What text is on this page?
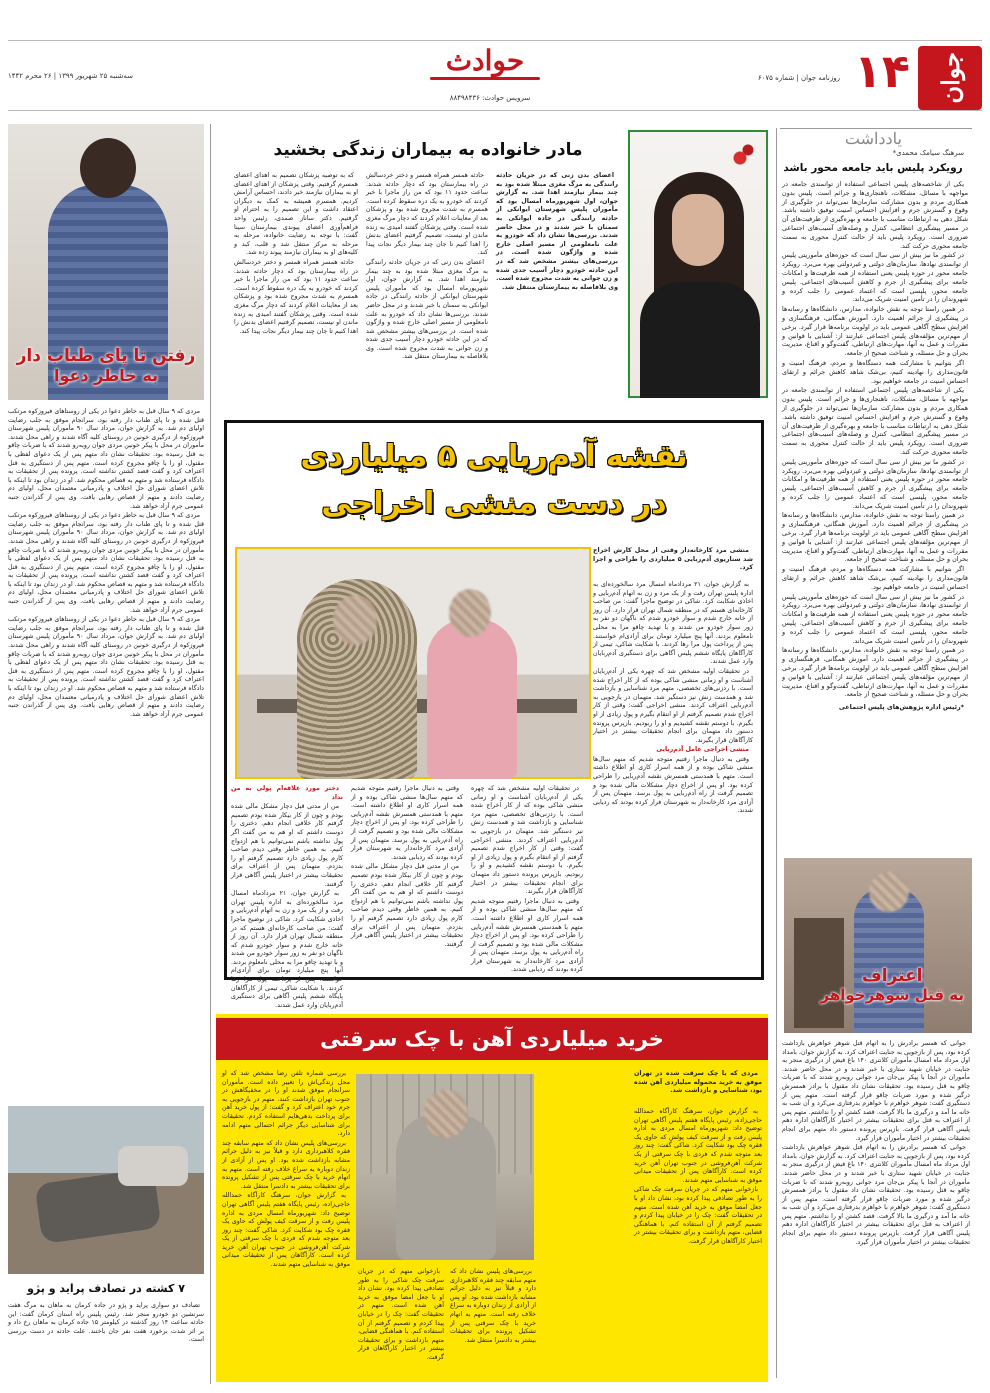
جوان
۱۴
روزنامه جوان | شماره ۶۰۷۵
حوادث
سرویس حوادث: ۸۸۴۹۸۴۳۶
سه‌شنبه ۲۵ شهریور ۱۳۹۹ | ۲۶ محرم ۱۴۴۲
یادداشت
سرهنگ سیامک محمدی*
رویکرد پلیس باید جامعه محور باشد

یکی از شاخصه‌های پلیس اجتماعی استفاده از توانمندی جامعه در مواجهه با مسائل، مشکلات، ناهنجاری‌ها و جرائم است. پلیس بدون همکاری مردم و بدون مشارکت سازمان‌ها نمی‌تواند در جلوگیری از وقوع و گسترش جرم و افزایش احساس امنیت توفیق داشته باشد. شکل دهی به ارتباطات مناسب با جامعه و بهره‌گیری از ظرفیت‌های آن در مسیر پیشگیری انتظامی، کنترل و وصله‌های آسیب‌های اجتماعی ضروری است. رویکرد پلیس باید از حالت کنترل محوری به سمت جامعه محوری حرکت کند.

در کشور ما نیز بیش از سی سال است که حوزه‌های مأموریتی پلیس از توانمندی نهادها، سازمان‌های دولتی و غیردولتی بهره می‌برد. رویکرد جامعه محور در حوزه پلیس یعنی استفاده از همه ظرفیت‌ها و امکانات جامعه برای پیشگیری از جرم و کاهش آسیب‌های اجتماعی. پلیس جامعه محور، پلیسی است که اعتماد عمومی را جلب کرده و شهروندان را در تأمین امنیت شریک می‌داند.

در همین راستا توجه به نقش خانواده، مدارس، دانشگاه‌ها و رسانه‌ها در پیشگیری از جرائم اهمیت دارد. آموزش همگانی، فرهنگسازی و افزایش سطح آگاهی عمومی باید در اولویت برنامه‌ها قرار گیرد. برخی از مهم‌ترین مؤلفه‌های پلیس اجتماعی عبارتند از: آشنایی با قوانین و مقررات و عمل به آنها، مهارت‌های ارتباطی، گفت‌وگو و اقناع، مدیریت بحران و حل مسئله، و شناخت صحیح از جامعه.

اگر بتوانیم با مشارکت همه دستگاه‌ها و مردم، فرهنگ امنیت و قانون‌مداری را نهادینه کنیم، بی‌شک شاهد کاهش جرائم و ارتقای احساس امنیت در جامعه خواهیم بود.

یکی از شاخصه‌های پلیس اجتماعی استفاده از توانمندی جامعه در مواجهه با مسائل، مشکلات، ناهنجاری‌ها و جرائم است. پلیس بدون همکاری مردم و بدون مشارکت سازمان‌ها نمی‌تواند در جلوگیری از وقوع و گسترش جرم و افزایش احساس امنیت توفیق داشته باشد. شکل دهی به ارتباطات مناسب با جامعه و بهره‌گیری از ظرفیت‌های آن در مسیر پیشگیری انتظامی، کنترل و وصله‌های آسیب‌های اجتماعی ضروری است. رویکرد پلیس باید از حالت کنترل محوری به سمت جامعه محوری حرکت کند.

در کشور ما نیز بیش از سی سال است که حوزه‌های مأموریتی پلیس از توانمندی نهادها، سازمان‌های دولتی و غیردولتی بهره می‌برد. رویکرد جامعه محور در حوزه پلیس یعنی استفاده از همه ظرفیت‌ها و امکانات جامعه برای پیشگیری از جرم و کاهش آسیب‌های اجتماعی. پلیس جامعه محور، پلیسی است که اعتماد عمومی را جلب کرده و شهروندان را در تأمین امنیت شریک می‌داند.

در همین راستا توجه به نقش خانواده، مدارس، دانشگاه‌ها و رسانه‌ها در پیشگیری از جرائم اهمیت دارد. آموزش همگانی، فرهنگسازی و افزایش سطح آگاهی عمومی باید در اولویت برنامه‌ها قرار گیرد. برخی از مهم‌ترین مؤلفه‌های پلیس اجتماعی عبارتند از: آشنایی با قوانین و مقررات و عمل به آنها، مهارت‌های ارتباطی، گفت‌وگو و اقناع، مدیریت بحران و حل مسئله، و شناخت صحیح از جامعه.

اگر بتوانیم با مشارکت همه دستگاه‌ها و مردم، فرهنگ امنیت و قانون‌مداری را نهادینه کنیم، بی‌شک شاهد کاهش جرائم و ارتقای احساس امنیت در جامعه خواهیم بود.

در کشور ما نیز بیش از سی سال است که حوزه‌های مأموریتی پلیس از توانمندی نهادها، سازمان‌های دولتی و غیردولتی بهره می‌برد. رویکرد جامعه محور در حوزه پلیس یعنی استفاده از همه ظرفیت‌ها و امکانات جامعه برای پیشگیری از جرم و کاهش آسیب‌های اجتماعی. پلیس جامعه محور، پلیسی است که اعتماد عمومی را جلب کرده و شهروندان را در تأمین امنیت شریک می‌داند.

در همین راستا توجه به نقش خانواده، مدارس، دانشگاه‌ها و رسانه‌ها در پیشگیری از جرائم اهمیت دارد. آموزش همگانی، فرهنگسازی و افزایش سطح آگاهی عمومی باید در اولویت برنامه‌ها قرار گیرد. برخی از مهم‌ترین مؤلفه‌های پلیس اجتماعی عبارتند از: آشنایی با قوانین و مقررات و عمل به آنها، مهارت‌های ارتباطی، گفت‌وگو و اقناع، مدیریت بحران و حل مسئله، و شناخت صحیح از جامعه.

*رئیس اداره پژوهش‌های پلیس اجتماعی

اعتراف
به قتل شوهرخواهر

جوانی که همسر برادرش را به اتهام قتل شوهر خواهرش بازداشت کرده بود، پس از بازجویی به جنایت اعتراف کرد. به گزارش جوان، بامداد اول مرداد ماه امسال مأموران کلانتری ۱۴۰ باغ فیض از درگیری منجر به جنایت در خیابان شهید ستاری با خبر شدند و در محل حاضر شدند. مأموران در آنجا با پیکر بی‌جان مرد جوانی روبه‌رو شدند که با ضربات چاقو به قتل رسیده بود. تحقیقات نشان داد مقتول با برادر همسرش درگیر شده و مورد ضربات چاقو قرار گرفته است. متهم پس از دستگیری گفت: شوهر خواهرم با خواهرم بدرفتاری می‌کرد و آن شب به خانه ما آمد و درگیری ما بالا گرفت. قصد کشتن او را نداشتم. متهم پس از اعتراف به قتل برای تحقیقات بیشتر در اختیار کارآگاهان اداره دهم پلیس آگاهی قرار گرفت. بازپرس پرونده دستور داد متهم برای انجام تحقیقات بیشتر در اختیار مأموران قرار گیرد.

جوانی که همسر برادرش را به اتهام قتل شوهر خواهرش بازداشت کرده بود، پس از بازجویی به جنایت اعتراف کرد. به گزارش جوان، بامداد اول مرداد ماه امسال مأموران کلانتری ۱۴۰ باغ فیض از درگیری منجر به جنایت در خیابان شهید ستاری با خبر شدند و در محل حاضر شدند. مأموران در آنجا با پیکر بی‌جان مرد جوانی روبه‌رو شدند که با ضربات چاقو به قتل رسیده بود. تحقیقات نشان داد مقتول با برادر همسرش درگیر شده و مورد ضربات چاقو قرار گرفته است. متهم پس از دستگیری گفت: شوهر خواهرم با خواهرم بدرفتاری می‌کرد و آن شب به خانه ما آمد و درگیری ما بالا گرفت. قصد کشتن او را نداشتم. متهم پس از اعتراف به قتل برای تحقیقات بیشتر در اختیار کارآگاهان اداره دهم پلیس آگاهی قرار گرفت. بازپرس پرونده دستور داد متهم برای انجام تحقیقات بیشتر در اختیار مأموران قرار گیرد.

مادر خانواده به بیماران زندگی بخشید

اعضای بدن زنی که در جریان حادثه رانندگی به مرگ مغزی مبتلا شده بود به چند بیمار نیازمند اهدا شد. به گزارش جوان، اول شهریورماه امسال بود که مأموران پلیس شهرستان ایوانکی از حادثه رانندگی در جاده ایوانکی به سمنان با خبر شدند و در محل حاضر شدند. بررسی‌ها نشان داد که خودرو به علت نامعلومی از مسیر اصلی خارج شده و واژگون شده است. در بررسی‌های بیشتر مشخص شد که در این حادثه خودرو دچار آسیب جدی شده و زن جوانی به شدت مجروح شده است. وی بلافاصله به بیمارستان منتقل شد.

حادثه همسر همراه همسر و دختر خردسالش در راه بیمارستان بود که دچار حادثه شدند. ساعت حدود ۱۱ بود که من راز ماجرا با خبر کردند که خودرو به یک دره سقوط کرده است. همسرم به شدت مجروح شده بود و پزشکان بعد از معاینات اعلام کردند که دچار مرگ مغزی شده است. وقتی پزشکان گفتند امیدی به زنده ماندن او نیست، تصمیم گرفتیم اعضای بدنش را اهدا کنیم تا جان چند بیمار دیگر نجات پیدا کند.

اعضای بدن زنی که در جریان حادثه رانندگی به مرگ مغزی مبتلا شده بود به چند بیمار نیازمند اهدا شد. به گزارش جوان، اول شهریورماه امسال بود که مأموران پلیس شهرستان ایوانکی از حادثه رانندگی در جاده ایوانکی به سمنان با خبر شدند و در محل حاضر شدند. بررسی‌ها نشان داد که خودرو به علت نامعلومی از مسیر اصلی خارج شده و واژگون شده است. در بررسی‌های بیشتر مشخص شد که در این حادثه خودرو دچار آسیب جدی شده و زن جوانی به شدت مجروح شده است. وی بلافاصله به بیمارستان منتقل شد.

که به توصیه پزشکان تصمیم به اهدای اعضای همسرم گرفتیم. وقتی پزشکان از اهدای اعضای او به بیماران نیازمند خبر دادند، احساس آرامش کردیم. همسرم همیشه به کمک به دیگران اعتقاد داشت و این تصمیم را به احترام او گرفتیم. دکتر ساناز صمدی، رئیس واحد فراهم‌آوری اعضای پیوندی بیمارستان سینا گفت: با توجه به رضایت خانواده، مرحله به مرحله به مرکز منتقل شد و قلب، کبد و کلیه‌های او به بیماران نیازمند پیوند زده شد.

حادثه همسر همراه همسر و دختر خردسالش در راه بیمارستان بود که دچار حادثه شدند. ساعت حدود ۱۱ بود که من راز ماجرا با خبر کردند که خودرو به یک دره سقوط کرده است. همسرم به شدت مجروح شده بود و پزشکان بعد از معاینات اعلام کردند که دچار مرگ مغزی شده است. وقتی پزشکان گفتند امیدی به زنده ماندن او نیست، تصمیم گرفتیم اعضای بدنش را اهدا کنیم تا جان چند بیمار دیگر نجات پیدا کند.

نقشه آدم‌ربایی ۵ میلیاردی
در دست منشی اخراجی

منشی مرد کارخانه‌دار وقتی از محل کارش اخراج شد سناریوی آدم‌ربایی ۵ میلیاردی را طراحی و اجرا کرد.

به گزارش جوان، ۲۱ مردادماه امسال مرد سالخورده‌ای به اداره پلیس تهران رفت و از یک مرد و زن به اتهام آدم‌ربایی و اخاذی شکایت کرد. شاکی در توضیح ماجرا گفت: من صاحب کارخانه‌ای هستم که در منطقه شمال تهران قرار دارد. آن روز از خانه خارج شدم و سوار خودرو شدم که ناگهان دو نفر به زور سوار خودرو من شدند و با تهدید چاقو مرا به محلی نامعلوم بردند. آنها پنج میلیارد تومان برای آزادی‌ام خواستند. پس از پرداخت پول مرا رها کردند. با شکایت شاکی، تیمی از کارآگاهان پایگاه ششم پلیس آگاهی برای دستگیری آدم‌ربایان وارد عمل شدند.

در تحقیقات اولیه مشخص شد که چهره یکی از آدم‌ربایان آشناست و او زمانی منشی شاکی بوده که از کار اخراج شده است. با ردزنی‌های تخصصی، متهم مرد شناسایی و بازداشت شد و همدست زنش نیز دستگیر شد. متهمان در بازجویی به آدم‌ربایی اعتراف کردند. منشی اخراجی گفت: وقتی از کار اخراج شدم تصمیم گرفتم از او انتقام بگیرم و پول زیادی از او بگیرم. با دوستم نقشه کشیدیم و او را ربودیم. بازپرس پرونده دستور داد متهمان برای انجام تحقیقات بیشتر در اختیار کارآگاهان قرار بگیرند.

منشی اخراجی عامل آدم‌ربایی

وقتی به دنبال ماجرا رفتیم متوجه شدیم که متهم سال‌ها منشی شاکی بوده و از همه اسرار کاری او اطلاع داشته است. متهم با همدستی همسرش نقشه آدم‌ربایی را طراحی کرده بود. او پس از اخراج دچار مشکلات مالی شده بود و تصمیم گرفت از راه آدم‌ربایی به پول برسد. متهمان پس از آزادی مرد کارخانه‌دار به شهرستان فرار کرده بودند که ردیابی شدند.

در تحقیقات اولیه مشخص شد که چهره یکی از آدم‌ربایان آشناست و او زمانی منشی شاکی بوده که از کار اخراج شده است. با ردزنی‌های تخصصی، متهم مرد شناسایی و بازداشت شد و همدست زنش نیز دستگیر شد. متهمان در بازجویی به آدم‌ربایی اعتراف کردند. منشی اخراجی گفت: وقتی از کار اخراج شدم تصمیم گرفتم از او انتقام بگیرم و پول زیادی از او بگیرم. با دوستم نقشه کشیدیم و او را ربودیم. بازپرس پرونده دستور داد متهمان برای انجام تحقیقات بیشتر در اختیار کارآگاهان قرار بگیرند.

وقتی به دنبال ماجرا رفتیم متوجه شدیم که متهم سال‌ها منشی شاکی بوده و از همه اسرار کاری او اطلاع داشته است. متهم با همدستی همسرش نقشه آدم‌ربایی را طراحی کرده بود. او پس از اخراج دچار مشکلات مالی شده بود و تصمیم گرفت از راه آدم‌ربایی به پول برسد. متهمان پس از آزادی مرد کارخانه‌دار به شهرستان فرار کرده بودند که ردیابی شدند.

وقتی به دنبال ماجرا رفتیم متوجه شدیم که متهم سال‌ها منشی شاکی بوده و از همه اسرار کاری او اطلاع داشته است. متهم با همدستی همسرش نقشه آدم‌ربایی را طراحی کرده بود. او پس از اخراج دچار مشکلات مالی شده بود و تصمیم گرفت از راه آدم‌ربایی به پول برسد. متهمان پس از آزادی مرد کارخانه‌دار به شهرستان فرار کرده بودند که ردیابی شدند.

من از مدتی قبل دچار مشکل مالی شده بودم و چون از کار بیکار شده بودم تصمیم گرفتم کار خلافی انجام دهم. دختری را دوست داشتم که او هم به من گفت اگر پول نداشته باشم نمی‌توانیم با هم ازدواج کنیم. به همین خاطر وقتی دیدم صاحب کارم پول زیادی دارد تصمیم گرفتم او را بدزدم. متهمان پس از اعتراف برای تحقیقات بیشتر در اختیار پلیس آگاهی قرار گرفتند.

دختر مورد علاقه‌ام پولی به من نداد

من از مدتی قبل دچار مشکل مالی شده بودم و چون از کار بیکار شده بودم تصمیم گرفتم کار خلافی انجام دهم. دختری را دوست داشتم که او هم به من گفت اگر پول نداشته باشم نمی‌توانیم با هم ازدواج کنیم. به همین خاطر وقتی دیدم صاحب کارم پول زیادی دارد تصمیم گرفتم او را بدزدم. متهمان پس از اعتراف برای تحقیقات بیشتر در اختیار پلیس آگاهی قرار گرفتند.

به گزارش جوان، ۲۱ مردادماه امسال مرد سالخورده‌ای به اداره پلیس تهران رفت و از یک مرد و زن به اتهام آدم‌ربایی و اخاذی شکایت کرد. شاکی در توضیح ماجرا گفت: من صاحب کارخانه‌ای هستم که در منطقه شمال تهران قرار دارد. آن روز از خانه خارج شدم و سوار خودرو شدم که ناگهان دو نفر به زور سوار خودرو من شدند و با تهدید چاقو مرا به محلی نامعلوم بردند. آنها پنج میلیارد تومان برای آزادی‌ام خواستند. پس از پرداخت پول مرا رها کردند. با شکایت شاکی، تیمی از کارآگاهان پایگاه ششم پلیس آگاهی برای دستگیری آدم‌ربایان وارد عمل شدند.

خرید میلیاردی آهن با چک سرقتی

مردی که با چک سرقت شده در تهران موفق به خرید محموله میلیاردی آهن شده بود، شناسایی و بازداشت شد.

به گزارش جوان، سرهنگ کارآگاه حمدالله حاجی‌زاده، رئیس پایگاه هفتم پلیس آگاهی تهران توضیح داد: شهریورماه امسال مردی به اداره پلیس رفت و از سرقت کیف پولش که حاوی یک فقره چک بود شکایت کرد. شاکی گفت: چند روز بعد متوجه شدم که فردی با چک سرقتی از یک شرکت آهن‌فروشی در جنوب تهران آهن خرید کرده است. کارآگاهان پس از تحقیقات میدانی موفق به شناسایی متهم شدند.

بازخوانی متهم که در جریان سرقت چک شاکی را به طور تصادفی پیدا کرده بود، نشان داد او با جعل امضا موفق به خرید آهن شده است. متهم در تحقیقات گفت: چک را در خیابان پیدا کردم و تصمیم گرفتم از آن استفاده کنم. با هماهنگی قضایی، متهم بازداشت و برای تحقیقات بیشتر در اختیار کارآگاهان قرار گرفت.

بررسی شماره تلفن رضا مشخص شد که او محل زندگی‌اش را تغییر داده است. مأموران سرانجام موفق شدند او را در مخفیگاهش در جنوب تهران بازداشت کنند. متهم در بازجویی به جرم خود اعتراف کرد و گفت: از پول خرید آهن برای پرداخت بدهی‌هایم استفاده کردم. تحقیقات برای شناسایی دیگر جرائم احتمالی متهم ادامه دارد.

بررسی‌های پلیس نشان داد که متهم سابقه چند فقره کلاهبرداری دارد و قبلاً نیز به دلیل جرائم مشابه بازداشت شده بود. او پس از آزادی از زندان دوباره به سراغ خلاف رفته است. متهم به اتهام خرید با چک سرقتی پس از تشکیل پرونده برای تحقیقات بیشتر به دادسرا منتقل شد.

به گزارش جوان، سرهنگ کارآگاه حمدالله حاجی‌زاده، رئیس پایگاه هفتم پلیس آگاهی تهران توضیح داد: شهریورماه امسال مردی به اداره پلیس رفت و از سرقت کیف پولش که حاوی یک فقره چک بود شکایت کرد. شاکی گفت: چند روز بعد متوجه شدم که فردی با چک سرقتی از یک شرکت آهن‌فروشی در جنوب تهران آهن خرید کرده است. کارآگاهان پس از تحقیقات میدانی موفق به شناسایی متهم شدند.

بازخوانی متهم که در جریان سرقت چک شاکی را به طور تصادفی پیدا کرده بود، نشان داد او با جعل امضا موفق به خرید آهن شده است. متهم در تحقیقات گفت: چک را در خیابان پیدا کردم و تصمیم گرفتم از آن استفاده کنم. با هماهنگی قضایی، متهم بازداشت و برای تحقیقات بیشتر در اختیار کارآگاهان قرار گرفت.

بررسی‌های پلیس نشان داد که متهم سابقه چند فقره کلاهبرداری دارد و قبلاً نیز به دلیل جرائم مشابه بازداشت شده بود. او پس از آزادی از زندان دوباره به سراغ خلاف رفته است. متهم به اتهام خرید با چک سرقتی پس از تشکیل پرونده برای تحقیقات بیشتر به دادسرا منتقل شد.

رفتن تا پای طناب دار
به خاطر دعوا

مردی که ۹ سال قبل به خاطر دعوا در یکی از روستاهای فیروزکوه مرتکب قتل شده و تا پای طناب دار رفته بود، سرانجام موفق به جلب رضایت اولیای دم شد. به گزارش جوان، مرداد سال ۹۰ مأموران پلیس شهرستان فیروزکوه از درگیری خونین در روستای کلیه آگاه شدند و راهی محل شدند. مأموران در محل با پیکر خونین مردی جوان روبه‌رو شدند که با ضربات چاقو به قتل رسیده بود. تحقیقات نشان داد متهم پس از یک دعوای لفظی با مقتول، او را با چاقو مجروح کرده است. متهم پس از دستگیری به قتل اعتراف کرد و گفت قصد کشتن نداشته است. پرونده پس از تحقیقات به دادگاه فرستاده شد و متهم به قصاص محکوم شد. او در زندان بود تا اینکه با تلاش اعضای شورای حل اختلاف و پادرمیانی معتمدان محل، اولیای دم رضایت دادند و متهم از قصاص رهایی یافت. وی پس از گذراندن جنبه عمومی جرم آزاد خواهد شد.

مردی که ۹ سال قبل به خاطر دعوا در یکی از روستاهای فیروزکوه مرتکب قتل شده و تا پای طناب دار رفته بود، سرانجام موفق به جلب رضایت اولیای دم شد. به گزارش جوان، مرداد سال ۹۰ مأموران پلیس شهرستان فیروزکوه از درگیری خونین در روستای کلیه آگاه شدند و راهی محل شدند. مأموران در محل با پیکر خونین مردی جوان روبه‌رو شدند که با ضربات چاقو به قتل رسیده بود. تحقیقات نشان داد متهم پس از یک دعوای لفظی با مقتول، او را با چاقو مجروح کرده است. متهم پس از دستگیری به قتل اعتراف کرد و گفت قصد کشتن نداشته است. پرونده پس از تحقیقات به دادگاه فرستاده شد و متهم به قصاص محکوم شد. او در زندان بود تا اینکه با تلاش اعضای شورای حل اختلاف و پادرمیانی معتمدان محل، اولیای دم رضایت دادند و متهم از قصاص رهایی یافت. وی پس از گذراندن جنبه عمومی جرم آزاد خواهد شد.

مردی که ۹ سال قبل به خاطر دعوا در یکی از روستاهای فیروزکوه مرتکب قتل شده و تا پای طناب دار رفته بود، سرانجام موفق به جلب رضایت اولیای دم شد. به گزارش جوان، مرداد سال ۹۰ مأموران پلیس شهرستان فیروزکوه از درگیری خونین در روستای کلیه آگاه شدند و راهی محل شدند. مأموران در محل با پیکر خونین مردی جوان روبه‌رو شدند که با ضربات چاقو به قتل رسیده بود. تحقیقات نشان داد متهم پس از یک دعوای لفظی با مقتول، او را با چاقو مجروح کرده است. متهم پس از دستگیری به قتل اعتراف کرد و گفت قصد کشتن نداشته است. پرونده پس از تحقیقات به دادگاه فرستاده شد و متهم به قصاص محکوم شد. او در زندان بود تا اینکه با تلاش اعضای شورای حل اختلاف و پادرمیانی معتمدان محل، اولیای دم رضایت دادند و متهم از قصاص رهایی یافت. وی پس از گذراندن جنبه عمومی جرم آزاد خواهد شد.

۷ کشته در تصادف پراید و پژو

تصادف دو سواری پراید و پژو در جاده کرمان به ماهان به مرگ هفت سرنشین دو خودرو منجر شد. رئیس پلیس راه استان کرمان گفت: این حادثه ساعت ۱۴ روز گذشته در کیلومتر ۱۵ جاده کرمان به ماهان رخ داد و بر اثر شدت برخورد هفت نفر جان باختند. علت حادثه در دست بررسی است.
